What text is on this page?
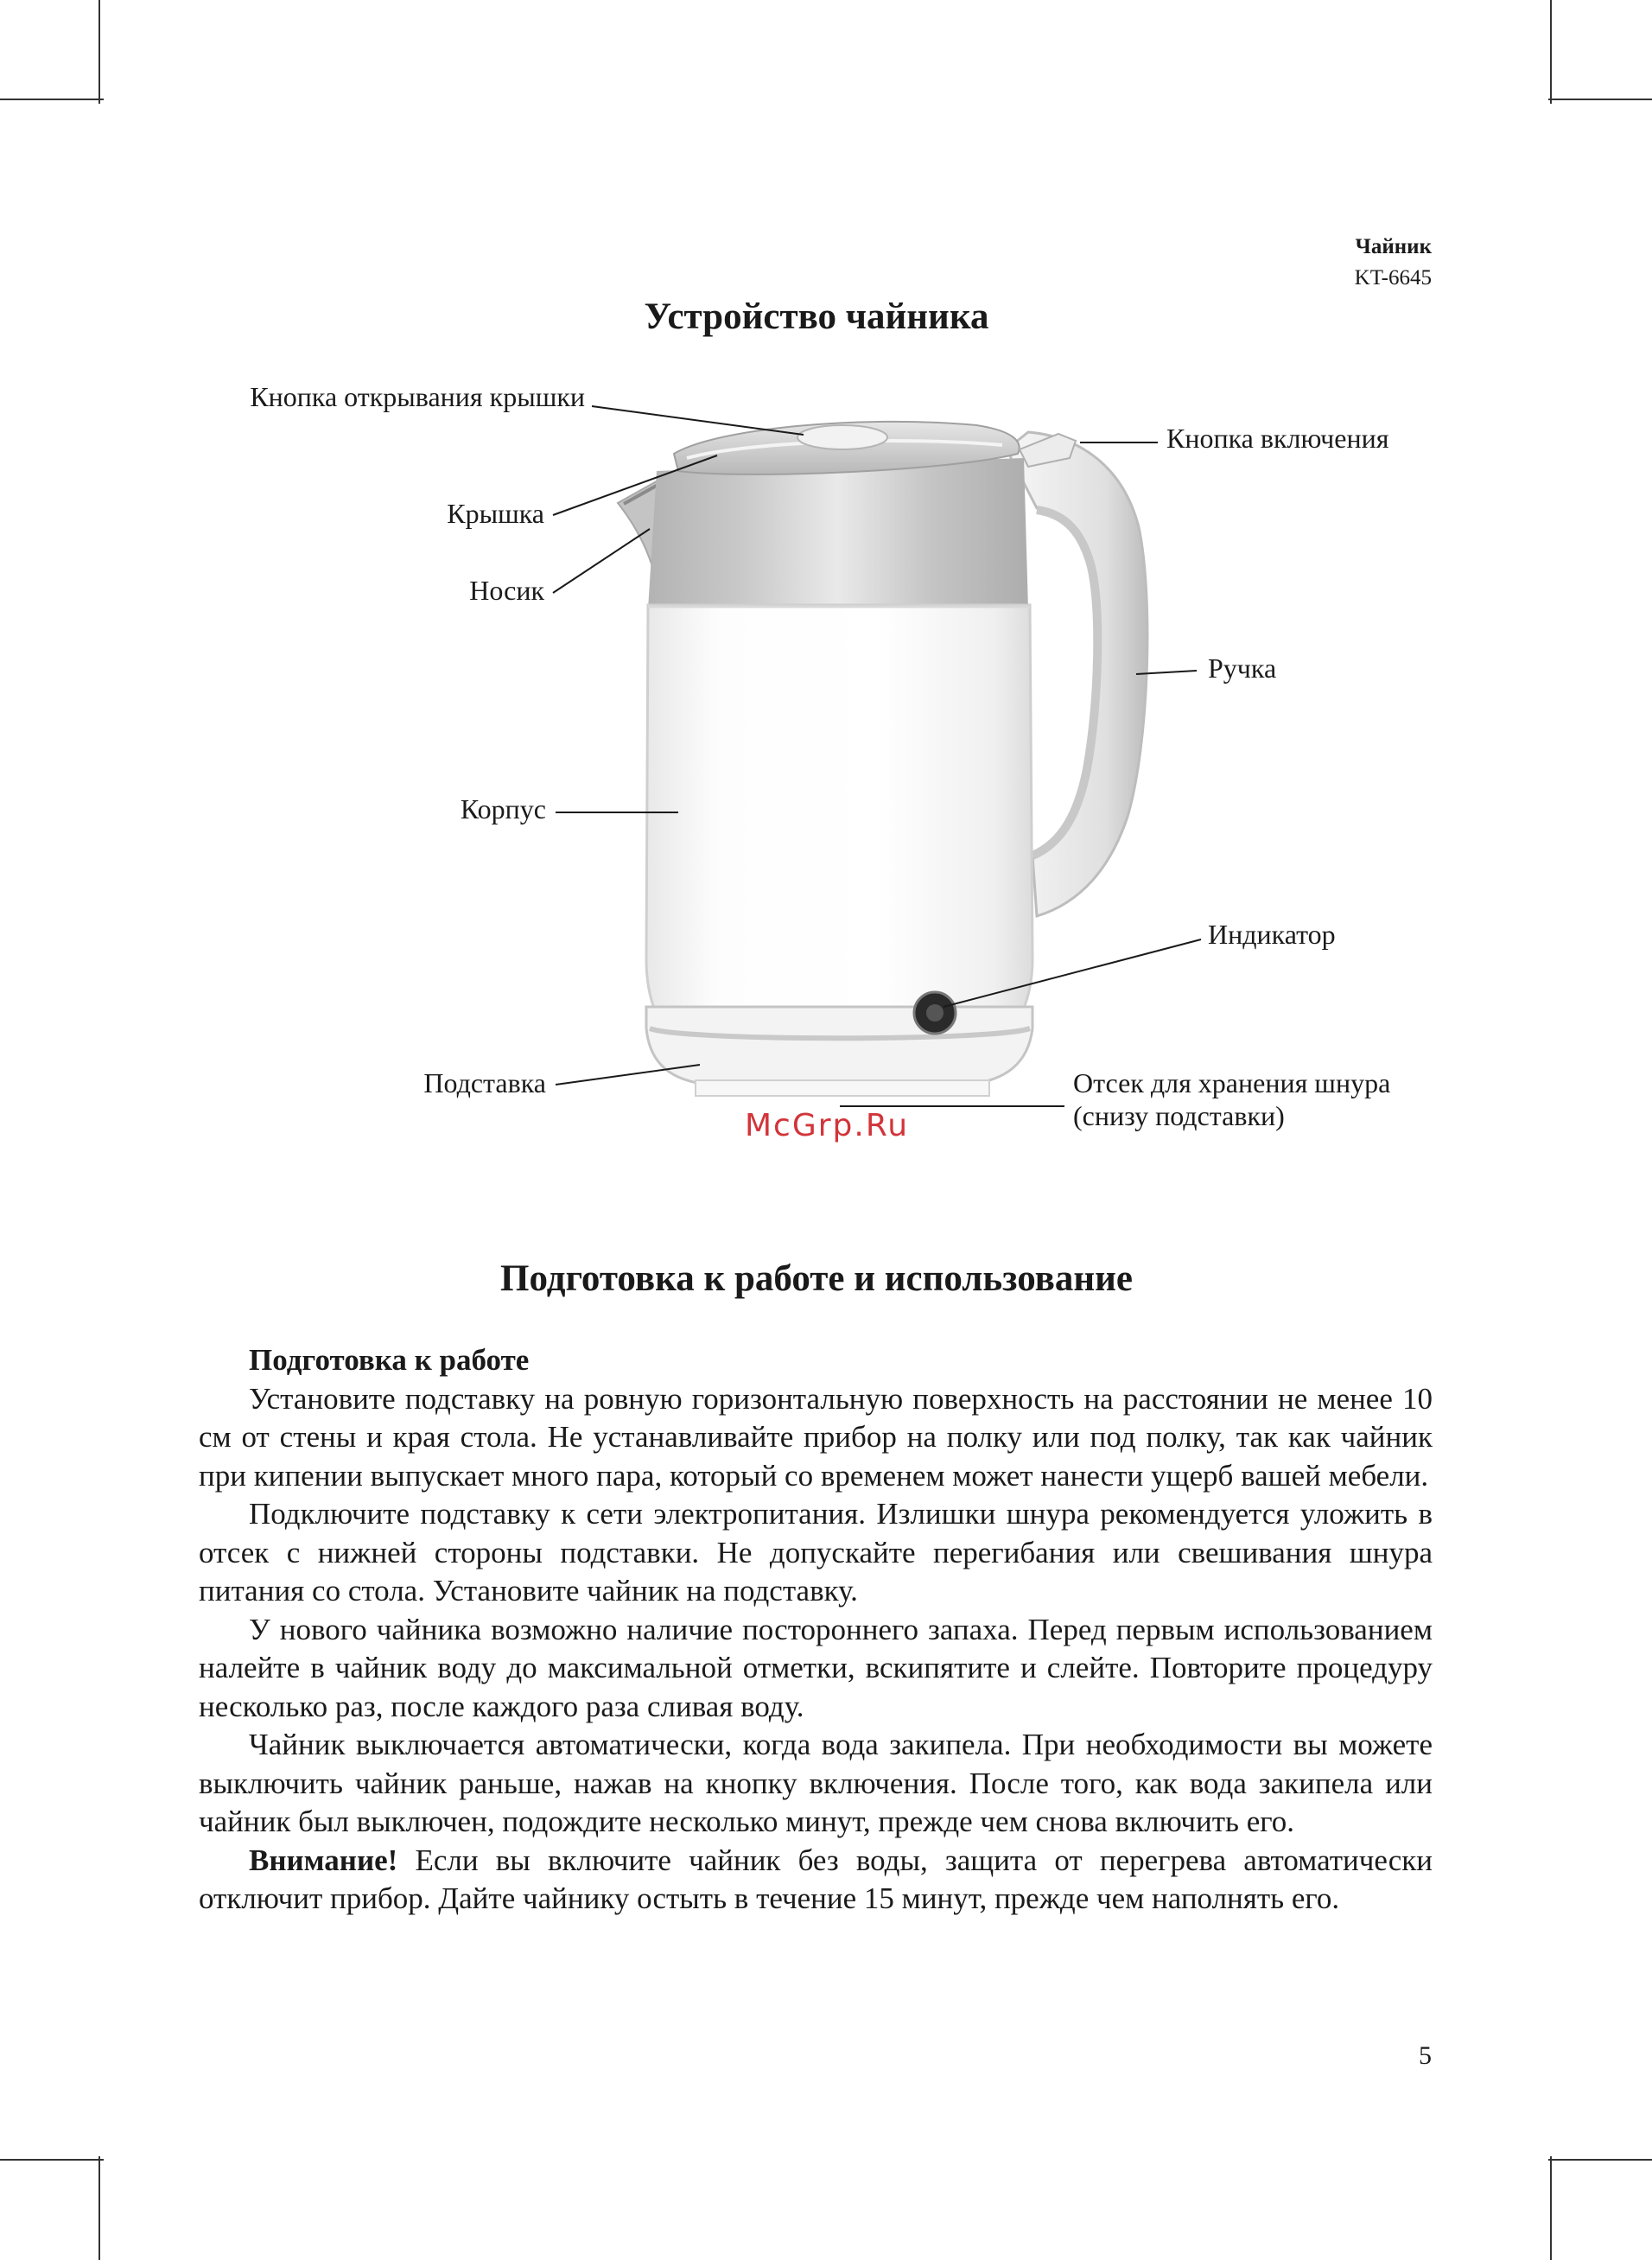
Чайник
KT-6645
Устройство чайника
Кнопка открывания крышки
Кнопка включения
Крышка
Носик
Ручка
Корпус
Индикатор
Подставка	Отсек для хранения шнура
(снизу подставки)
McGrp.Ru
Подготовка к работе и использование

Подготовка к работе

Установите подставку на ровную горизонтальную поверхность на расстоянии не менее 10 см от стены и края стола. Не устанавливайте прибор на полку или под полку, так как чайник при кипении выпускает много пара, который со временем может нанести ущерб вашей мебели.

Подключите подставку к сети электропитания. Излишки шнура рекомендуется уложить в отсек с нижней стороны подставки. Не допускайте перегибания или свешивания шнура питания со стола. Установите чайник на подставку.

У нового чайника возможно наличие постороннего запаха. Перед первым использованием налейте в чайник воду до максимальной отметки, вскипятите и слейте. Повторите процедуру несколько раз, после каждого раза сливая воду.

Чайник выключается автоматически, когда вода закипела. При необходимости вы можете выключить чайник раньше, нажав на кнопку включения. После того, как вода закипела или чайник был выключен, подождите несколько минут, прежде чем снова включить его.

Внимание! Если вы включите чайник без воды, защита от перегрева автоматически отключит прибор. Дайте чайнику остыть в течение 15 минут, прежде чем наполнять его.

5
